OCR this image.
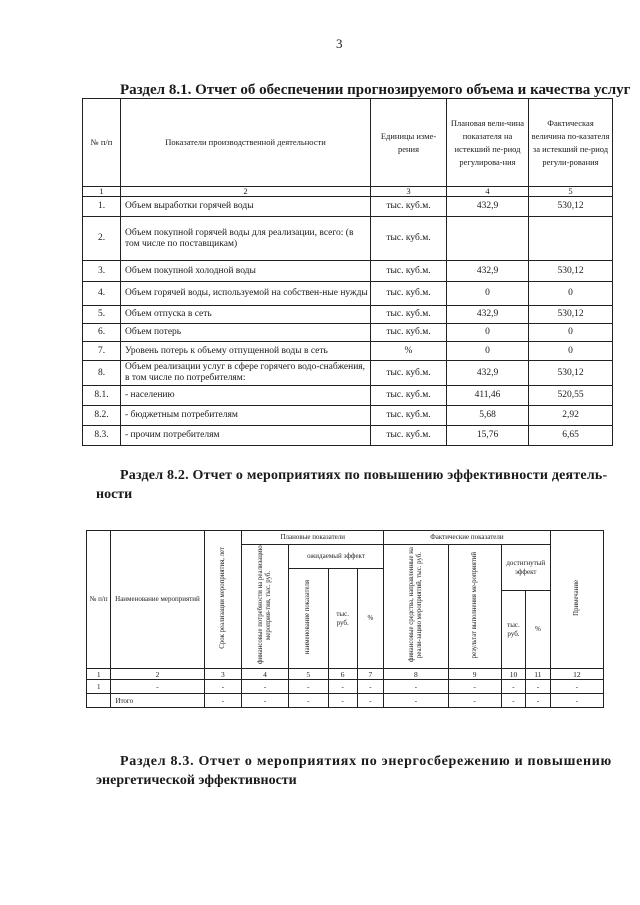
3
Раздел 8.1. Отчет об обеспечении прогнозируемого объема и качества услуг
№ п/п	Показатели производственной деятельности	Единицы изме-рения	Плановая вели-чина показателя на истекший пе-риод регулирова-ния	Фактическая величина по-казателя за истекший пе-риод регули-рования
1	2	3	4	5
1.	Объем выработки горячей воды	тыс. куб.м.	432,9	530,12
2.	Объем покупной горячей воды для реализации, всего: (в том числе по поставщикам)	тыс. куб.м.		
3.	Объем покупной холодной воды	тыс. куб.м.	432,9	530,12
4.	Объем горячей воды, используемой на собствен-ные нужды	тыс. куб.м.	0	0
5.	Объем отпуска в сеть	тыс. куб.м.	432,9	530,12
6.	Объем потерь	тыс. куб.м.	0	0
7.	Уровень потерь к объему отпущенной воды в сеть	%	0	0
8.	Объем реализации услуг в сфере горячего водо-снабжения, в том числе по потребителям:	тыс. куб.м.	432,9	530,12
8.1.	- населению	тыс. куб.м.	411,46	520,55
8.2.	- бюджетным потребителям	тыс. куб.м.	5,68	2,92
8.3.	- прочим потребителям	тыс. куб.м.	15,76	6,65
Раздел 8.2. Отчет о мероприятиях по повышению эффективности деятель-
ности
№ п/п	Наименование мероприятий	Срок реализации мероприятия, лет	Плановые показатели				Фактические показатели				Примечание
			финансовые потребности на реализацию мероприя-тия, тыс. руб.	ожидаемый эффект			финансовые средства, направленные на реали-зацию мероприятий, тыс. руб.	результат выполнения ме-роприятий	достигнутый эффект		
				наименование показателя	тыс. руб.	%					
									тыс. руб.	%	
1	2	3	4	5	6	7	8	9	10	11	12
1	-	-	-	-	-	-	-	-	-	-	-
	Итого	-	-	-	-	-	-	-	-	-	-
Раздел 8.3. Отчет о мероприятиях по энергосбережению и повышению
энергетической эффективности
